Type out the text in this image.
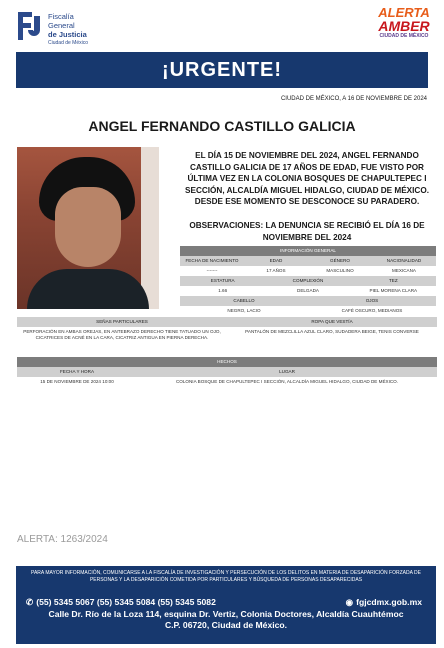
Fiscalía
General
de Justicia
Ciudad de México
ALERTA
AMBER
CIUDAD DE MÉXICO
¡URGENTE!
CIUDAD DE MÉXICO, A 16 DE NOVIEMBRE DE 2024
ANGEL FERNANDO CASTILLO GALICIA
EL DÍA 15 DE NOVIEMBRE DEL 2024, ANGEL FERNANDO CASTILLO GALICIA DE 17 AÑOS DE EDAD, FUE VISTO POR ÚLTIMA VEZ EN LA COLONIA BOSQUES DE CHAPULTEPEC I SECCIÓN, ALCALDÍA MIGUEL HIDALGO, CIUDAD DE MÉXICO. DESDE ESE MOMENTO SE DESCONOCE SU PARADERO.
OBSERVACIONES: LA DENUNCIA SE RECIBIÓ EL DÍA 16 DE NOVIEMBRE DEL 2024
INFORMACIÓN GENERAL
FECHA DE NACIMIENTO	EDAD	GÉNERO	NACIONALIDAD
-------	17 AÑOS	MASCULINO	MEXICANA
ESTATURA	COMPLEXIÓN	TEZ
1.66	DELGADA	PIEL MORENA CLARA
CABELLO	OJOS
NEGRO, LACIO	CAFÉ OSCURO, MEDIANOS
SEÑAS PARTICULARES	ROPA QUE VESTÍA
PERFORACIÓN EN AMBAS OREJAS, EN ANTEBRAZO DERECHO TIENE TATUADO UN OJO, CICATRICES DE ACNÉ EN LA CARA, CICATRIZ ANTIGUA EN PIERNA DERECHA.
PANTALÓN DE MEZCLILLA AZUL CLARO, SUDADERA BEIGE, TENIS CONVERSE
HECHOS
FECHA Y HORA	LUGAR
15 DE NOVIEMBRE DE 2024 10:00	COLONIA BOSQUE DE CHAPULTEPEC I SECCIÓN, ALCALDÍA MIGUEL HIDALGO, CIUDAD DE MÉXICO.
ALERTA: 1263/2024
PARA MAYOR INFORMACIÓN, COMUNICARSE A LA FISCALÍA DE INVESTIGACIÓN Y PERSECUCIÓN DE LOS DELITOS EN MATERIA DE DESAPARICIÓN FORZADA DE PERSONAS Y LA DESAPARICIÓN COMETIDA POR PARTICULARES Y BÚSQUEDA DE PERSONAS DESAPARECIDAS
✆ (55) 5345 5067 (55) 5345 5084 (55) 5345 5082	◉ fgjcdmx.gob.mx
Calle Dr. Río de la Loza 114, esquina Dr. Vertiz, Colonia Doctores, Alcaldía Cuauhtémoc
C.P. 06720, Ciudad de México.
